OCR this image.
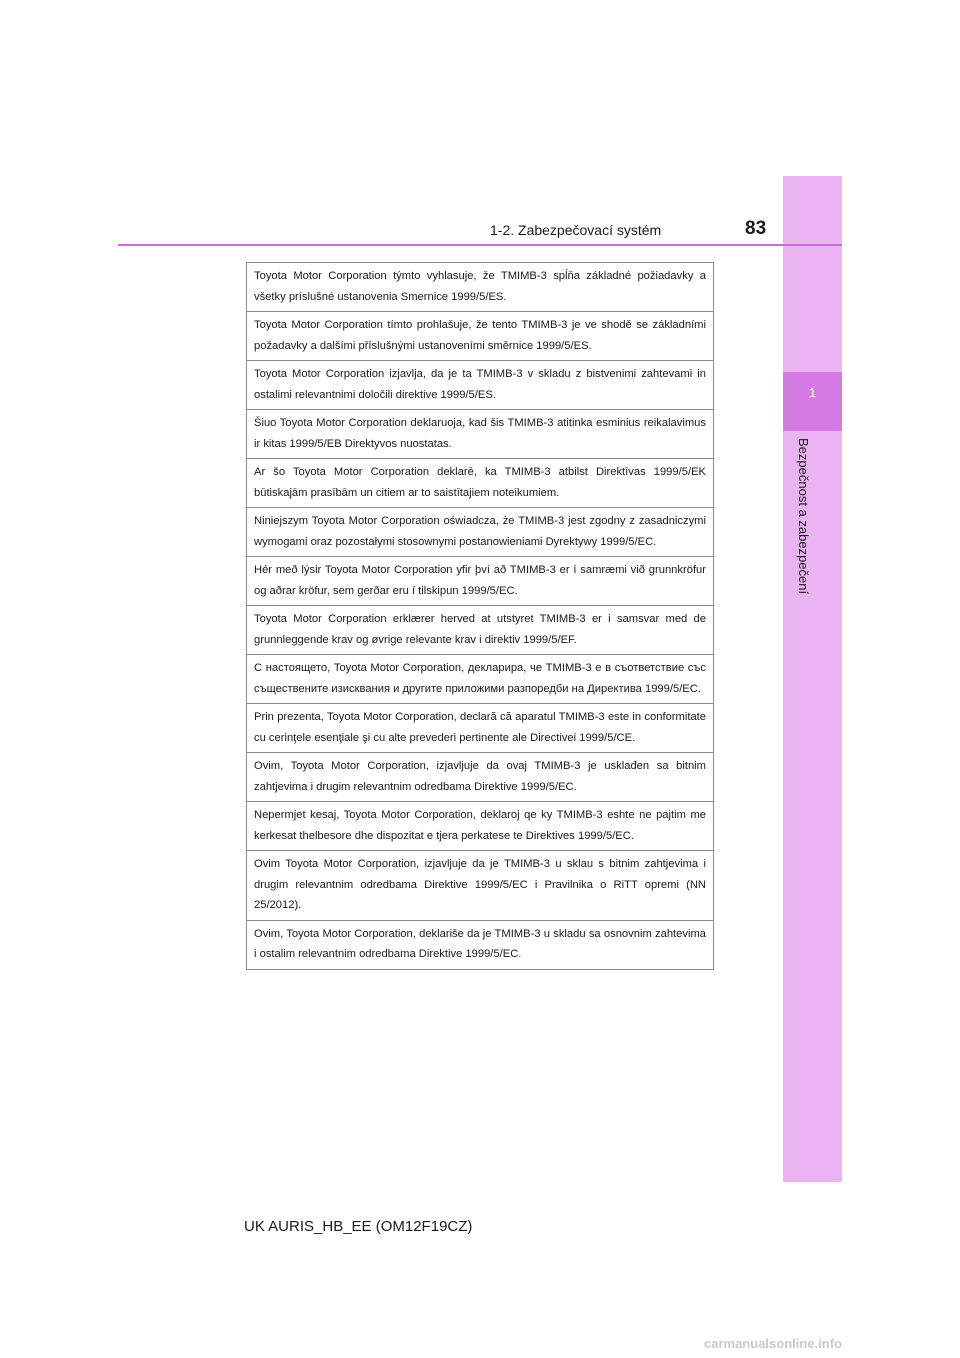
1
Bezpečnost a zabezpečení
1-2. Zabezpečovací systém	83
Toyota Motor Corporation týmto vyhlasuje, že TMIMB-3 spĺňa základné požiadavky a všetky príslušné ustanovenia Smernice 1999/5/ES.
Toyota Motor Corporation tímto prohlašuje, že tento TMIMB-3 je ve shodě se základními požadavky a dalšími příslušnými ustanoveními směrnice 1999/5/ES.
Toyota Motor Corporation izjavlja, da je ta TMIMB-3 v skladu z bistvenimi zahtevami in ostalimi relevantnimi določili direktive 1999/5/ES.
Šiuo Toyota Motor Corporation deklaruoja, kad šis TMIMB-3 atitinka esminius reikalavimus ir kitas 1999/5/EB Direktyvos nuostatas.
Ar šo Toyota Motor Corporation deklarē, ka TMIMB-3 atbilst Direktīvas 1999/5/EK būtiskajām prasībām un citiem ar to saistītajiem noteikumiem.
Niniejszym Toyota Motor Corporation oświadcza, że TMIMB-3 jest zgodny z zasadniczymi wymogami oraz pozostałymi stosownymi postanowieniami Dyrektywy 1999/5/EC.
Hér með lýsir Toyota Motor Corporation yfir því að TMIMB-3 er í samræmi við grunnkröfur og aðrar kröfur, sem gerðar eru í tilskipun 1999/5/EC.
Toyota Motor Corporation erklærer herved at utstyret TMIMB-3 er i samsvar med de grunnleggende krav og øvrige relevante krav i direktiv 1999/5/EF.
С настоящето, Toyota Motor Corporation, декларира, че TMIMB-3 е в съответствие със съществените изисквания и другите приложими разпоредби на Директива 1999/5/EC.
Prin prezenta, Toyota Motor Corporation, declară că aparatul TMIMB-3 este in conformitate cu cerinţele esenţiale şi cu alte prevederi pertinente ale Directivei 1999/5/CE.
Ovim, Toyota Motor Corporation, izjavljuje da ovaj TMIMB-3 je usklađen sa bitnim zahtjevima i drugim relevantnim odredbama Direktive 1999/5/EC.
Nepermjet kesaj, Toyota Motor Corporation, deklaroj qe ky TMIMB-3 eshte ne pajtim me kerkesat thelbesore dhe dispozitat e tjera perkatese te Direktives 1999/5/EC.
Ovim Toyota Motor Corporation, izjavljuje da je TMIMB-3 u sklau s bitnim zahtjevima i drugim relevantnim odredbama Direktive 1999/5/EC i Pravilnika o RiTT opremi (NN 25/2012).
Ovim, Toyota Motor Corporation, deklariše da je TMIMB-3 u skladu sa osnovnim zahtevima i ostalim relevantnim odredbama Direktive 1999/5/EC.
UK AURIS_HB_EE (OM12F19CZ)
carmanualsonline.info
